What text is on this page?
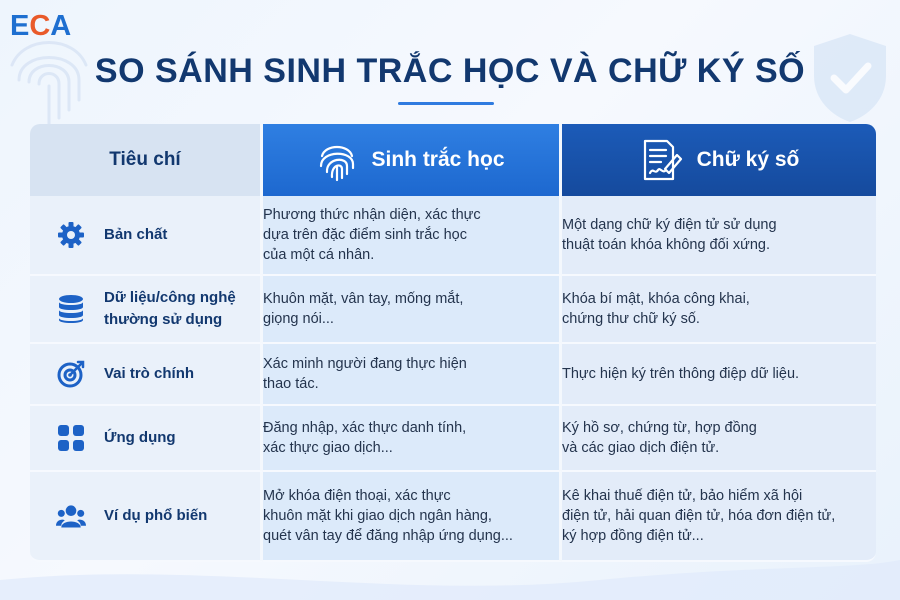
ECA
SO SÁNH SINH TRẮC HỌC VÀ CHỮ KÝ SỐ
Tiêu chí	Sinh trắc học	Chữ ký số

Bản chất	Phương thức nhận diện, xác thực
dựa trên đặc điểm sinh trắc học
của một cá nhân.	Một dạng chữ ký điện tử sử dụng
thuật toán khóa không đối xứng.

Dữ liệu/công nghệ
thường sử dụng	Khuôn mặt, vân tay, mống mắt,
giọng nói...	Khóa bí mật, khóa công khai,
chứng thư chữ ký số.

Vai trò chính	Xác minh người đang thực hiện
thao tác.	Thực hiện ký trên thông điệp dữ liệu.

Ứng dụng	Đăng nhập, xác thực danh tính,
xác thực giao dịch...	Ký hồ sơ, chứng từ, hợp đồng
và các giao dịch điện tử.

Ví dụ phổ biến	Mở khóa điện thoại, xác thực
khuôn mặt khi giao dịch ngân hàng,
quét vân tay để đăng nhập ứng dụng...	Kê khai thuế điện tử, bảo hiểm xã hội
điện tử, hải quan điện tử, hóa đơn điện tử,
ký hợp đồng điện tử...
